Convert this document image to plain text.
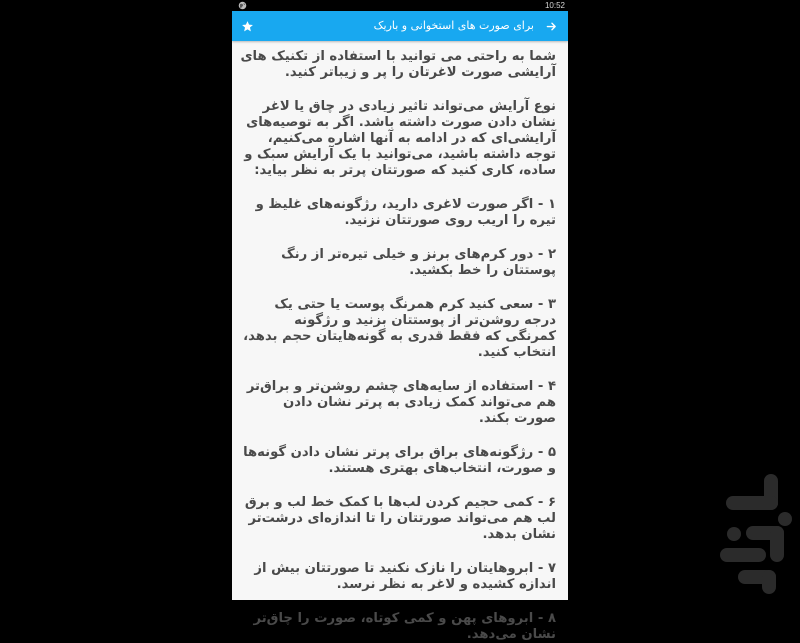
10:52
برای صورت های استخوانی و باریک

شما به راحتی می توانید با استفاده از تکنیک های آرایشی صورت لاغرتان را پر و زیباتر کنید.

نوع آرایش می‌تواند تاثیر زیادی در چاق یا لاغر نشان دادن صورت داشته باشد. اگر به توصیه‌های آرایشی‌ای که در ادامه به آنها اشاره می‌کنیم، توجه داشته باشید، می‌توانید با یک آرایش سبک و ساده، کاری کنید که صورتتان پرتر به نظر بیاید:

۱ - اگر صورت لاغری دارید، رژگونه‌های غلیظ و تیره را اریب روی صورتتان نزنید.

۲ - دور کرم‌های برنز و خیلی تیره‌تر از رنگ پوستتان را خط بکشید.

۳ - سعی کنید کرم همرنگ پوست یا حتی یک درجه روشن‌تر از پوستتان بزنید و رژگونه کمرنگی که فقط قدری به گونه‌هایتان حجم بدهد، انتخاب کنید.

۴ - استفاده از سایه‌های چشم روشن‌تر و براق‌تر هم می‌تواند کمک زیادی به پرتر نشان دادن صورت بکند.

۵ - رژگونه‌های براق برای پرتر نشان دادن گونه‌ها و صورت، انتخاب‌های بهتری هستند.

۶ - کمی حجیم کردن لب‌ها با کمک خط لب و برق لب هم می‌تواند صورتتان را تا اندازه‌ای درشت‌تر نشان بدهد.

۷ - ابروهایتان را نازک نکنید تا صورتتان بیش از اندازه کشیده و لاغر به نظر نرسد.

۸ - ابروهای پهن و کمی کوتاه، صورت را چاق‌تر نشان می‌دهد.
